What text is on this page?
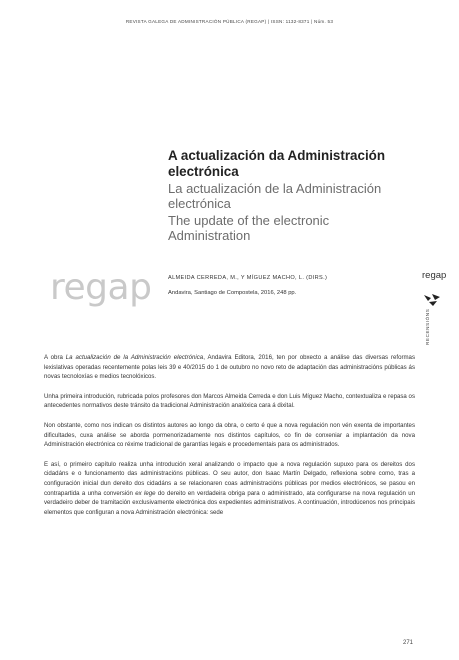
REVISTA GALEGA DE ADMINISTRACIÓN PÚBLICA (REGAP) | ISSN: 1132-8371 | Núm. 53
A actualización da Administración electrónica
La actualización de la Administración electrónica
The update of the electronic Administration
regap	ALMEIDA CERREDA, M., Y MÍGUEZ MACHO, L. (DIRS.)
Andavira, Santiago de Compostela, 2016, 248 pp.
regap
RECENSIÓNS

A obra La actualización de la Administración electrónica, Andavira Editora, 2016, ten por obxecto a análise das diversas reformas lexislativas operadas recentemente polas leis 39 e 40/2015 do 1 de outubro no novo reto de adaptación das administracións públicas ás novas tecnoloxías e medios tecnolóxicos.

Unha primeira introdución, rubricada polos profesores don Marcos Almeida Cerreda e don Luis Míguez Macho, contextualiza e repasa os antecedentes normativos deste tránsito da tradicional Administración analóxica cara á dixital.

Non obstante, como nos indican os distintos autores ao longo da obra, o certo é que a nova regulación non vén exenta de importantes dificultades, cuxa análise se aborda pormenorizadamente nos distintos capítulos, co fin de conxeniar a implantación da nova Administración electrónica co réxime tradicional de garantías legais e procedementais para os administrados.

E así, o primeiro capítulo realiza unha introdución xeral analizando o impacto que a nova regulación supuxo para os dereitos dos cidadáns e o funcionamento das administracións públicas. O seu autor, don Isaac Martín Delgado, reflexiona sobre como, tras a configuración inicial dun dereito dos cidadáns a se relacionaren coas administracións públicas por medios electrónicos, se pasou en contrapartida a unha conversión ex lege do dereito en verdadeira obriga para o administrado, ata configurarse na nova regulación un verdadeiro deber de tramitación exclusivamente electrónica dos expedientes administrativos. A continuación, introdúcenos nos principais elementos que configuran a nova Administración electrónica: sede

271
